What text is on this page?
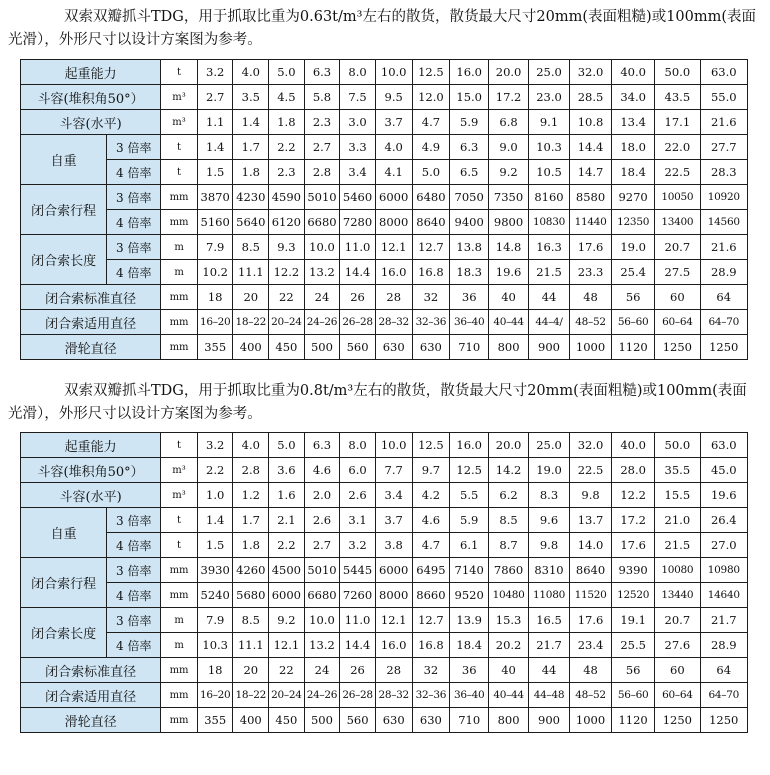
双索双瓣抓斗TDG，用于抓取比重为0.63t/m³左右的散货，散货最大尺寸20mm(表面粗糙)或100mm(表面光滑），外形尺寸以设计方案图为参考。

起重能力		t	3.2	4.0	5.0	6.3	8.0	10.0	12.5	16.0	20.0	25.0	32.0	40.0	50.0	63.0
斗容(堆积角50°）		m³	2.7	3.5	4.5	5.8	7.5	9.5	12.0	15.0	17.2	23.0	28.5	34.0	43.5	55.0
斗容(水平)		m³	1.1	1.4	1.8	2.3	3.0	3.7	4.7	5.9	6.8	9.1	10.8	13.4	17.1	21.6
自重	3 倍率	t	1.4	1.7	2.2	2.7	3.3	4.0	4.9	6.3	9.0	10.3	14.4	18.0	22.0	27.7
	4 倍率	t	1.5	1.8	2.3	2.8	3.4	4.1	5.0	6.5	9.2	10.5	14.7	18.4	22.5	28.3
闭合索行程	3 倍率	mm	3870	4230	4590	5010	5460	6000	6480	7050	7350	8160	8580	9270	10050	10920
	4 倍率	mm	5160	5640	6120	6680	7280	8000	8640	9400	9800	10830	11440	12350	13400	14560
闭合索长度	3 倍率	m	7.9	8.5	9.3	10.0	11.0	12.1	12.7	13.8	14.8	16.3	17.6	19.0	20.7	21.6
	4 倍率	m	10.2	11.1	12.2	13.2	14.4	16.0	16.8	18.3	19.6	21.5	23.3	25.4	27.5	28.9
闭合索标准直径		mm	18	20	22	24	26	28	32	36	40	44	48	56	60	64
闭合索适用直径		mm	16–20	18–22	20–24	24–26	26–28	28–32	32–36	36–40	40–44	44–4/	48–52	56–60	60–64	64–70
滑轮直径		mm	355	400	450	500	560	630	630	710	800	900	1000	1120	1250	1250

双索双瓣抓斗TDG，用于抓取比重为0.8t/m³左右的散货，散货最大尺寸20mm(表面粗糙)或100mm(表面光滑），外形尺寸以设计方案图为参考。

起重能力		t	3.2	4.0	5.0	6.3	8.0	10.0	12.5	16.0	20.0	25.0	32.0	40.0	50.0	63.0
斗容(堆积角50°）		m³	2.2	2.8	3.6	4.6	6.0	7.7	9.7	12.5	14.2	19.0	22.5	28.0	35.5	45.0
斗容(水平)		m³	1.0	1.2	1.6	2.0	2.6	3.4	4.2	5.5	6.2	8.3	9.8	12.2	15.5	19.6
自重	3 倍率	t	1.4	1.7	2.1	2.6	3.1	3.7	4.6	5.9	8.5	9.6	13.7	17.2	21.0	26.4
	4 倍率	t	1.5	1.8	2.2	2.7	3.2	3.8	4.7	6.1	8.7	9.8	14.0	17.6	21.5	27.0
闭合索行程	3 倍率	mm	3930	4260	4500	5010	5445	6000	6495	7140	7860	8310	8640	9390	10080	10980
	4 倍率	mm	5240	5680	6000	6680	7260	8000	8660	9520	10480	11080	11520	12520	13440	14640
闭合索长度	3 倍率	m	7.9	8.5	9.2	10.0	11.0	12.1	12.7	13.9	15.3	16.5	17.6	19.1	20.7	21.7
	4 倍率	m	10.3	11.1	12.1	13.2	14.4	16.0	16.8	18.4	20.2	21.7	23.4	25.5	27.6	28.9
闭合索标准直径		mm	18	20	22	24	26	28	32	36	40	44	48	56	60	64
闭合索适用直径		mm	16–20	18–22	20–24	24–26	26–28	28–32	32–36	36–40	40–44	44–48	48–52	56–60	60–64	64–70
滑轮直径		mm	355	400	450	500	560	630	630	710	800	900	1000	1120	1250	1250
